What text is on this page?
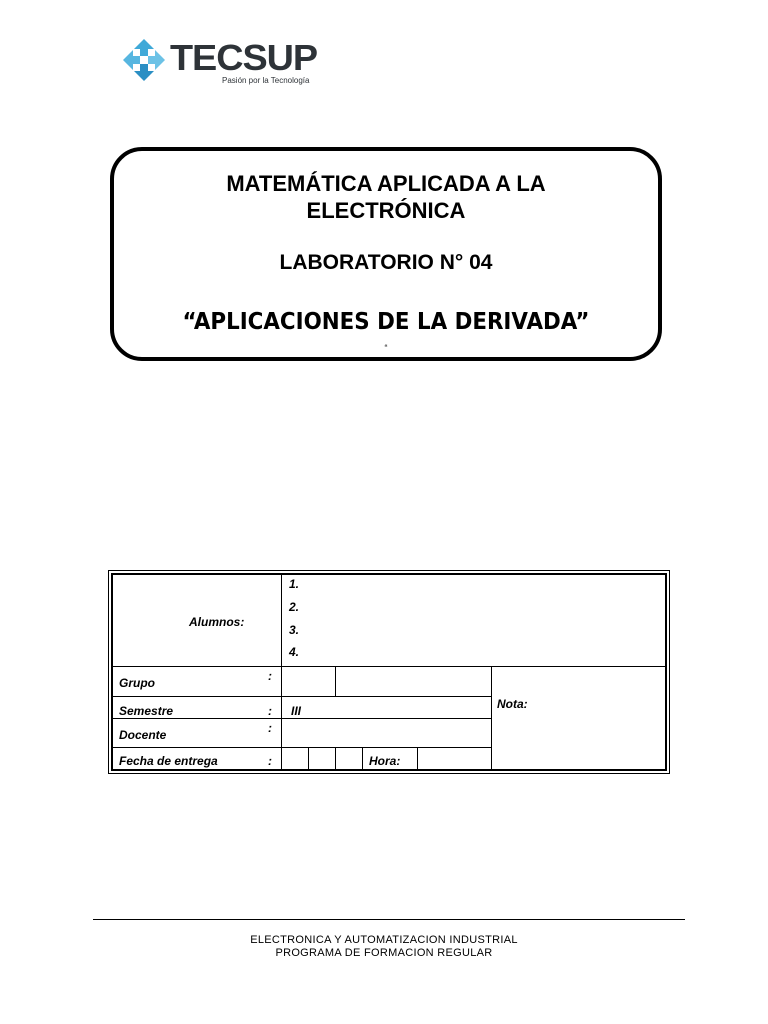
TECSUP
Pasión por la Tecnología
MATEMÁTICA APLICADA A LA
ELECTRÓNICA
LABORATORIO N° 04
“APLICACIONES DE LA DERIVADA”
“
Alumnos:
1.
2.
3.
4.
Grupo	:
Semestre	: III
Docente	:
Fecha de entrega	:	Hora:
Nota:
ELECTRONICA Y AUTOMATIZACION INDUSTRIAL
PROGRAMA DE FORMACION REGULAR
